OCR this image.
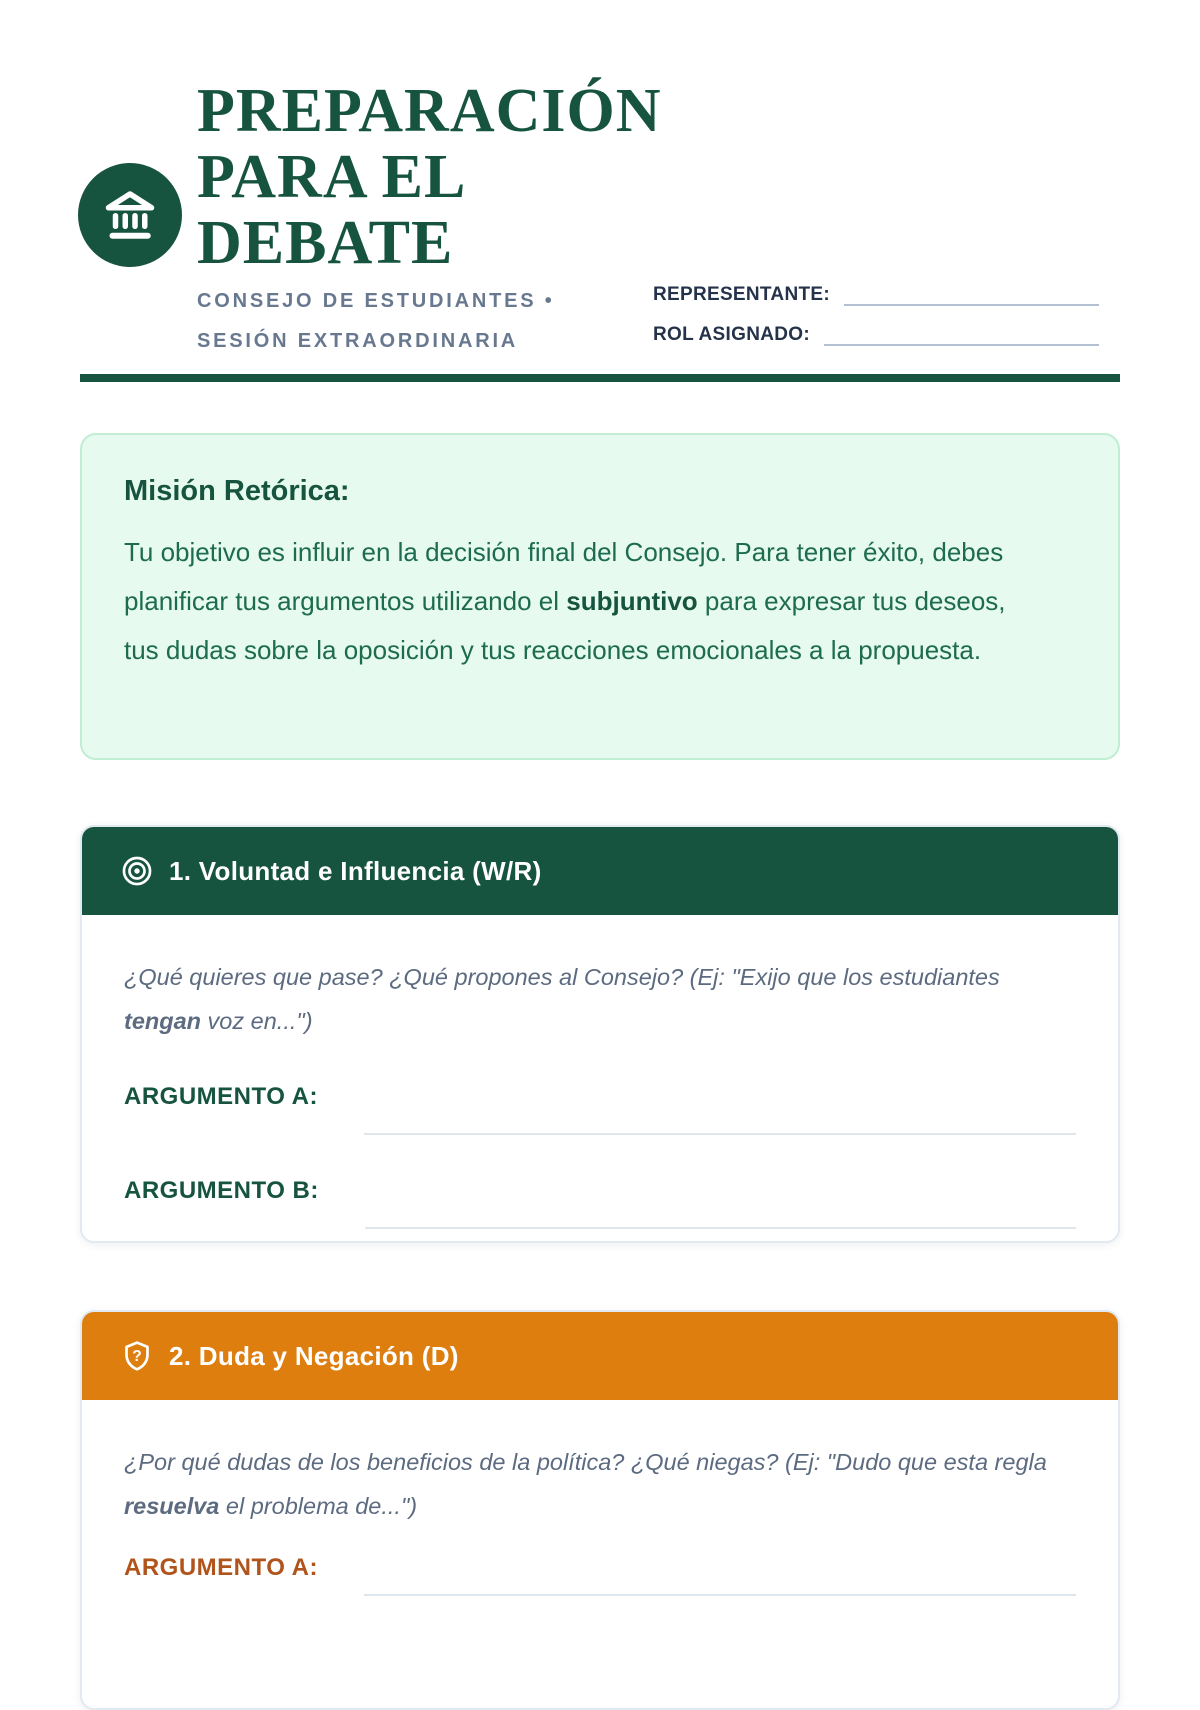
PREPARACIÓN
PARA EL
DEBATE
CONSEJO DE ESTUDIANTES •
SESIÓN EXTRAORDINARIA
REPRESENTANTE:
ROL ASIGNADO:
Misión Retórica:

Tu objetivo es influir en la decisión final del Consejo. Para tener éxito, debes planificar tus argumentos utilizando el subjuntivo para expresar tus deseos, tus dudas sobre la oposición y tus reacciones emocionales a la propuesta.

1. Voluntad e Influencia (W/R)

¿Qué quieres que pase? ¿Qué propones al Consejo? (Ej: "Exijo que los estudiantes tengan voz en...")

ARGUMENTO A:
ARGUMENTO B:
? 2. Duda y Negación (D)

¿Por qué dudas de los beneficios de la política? ¿Qué niegas? (Ej: "Dudo que esta regla resuelva el problema de...")

ARGUMENTO A:
